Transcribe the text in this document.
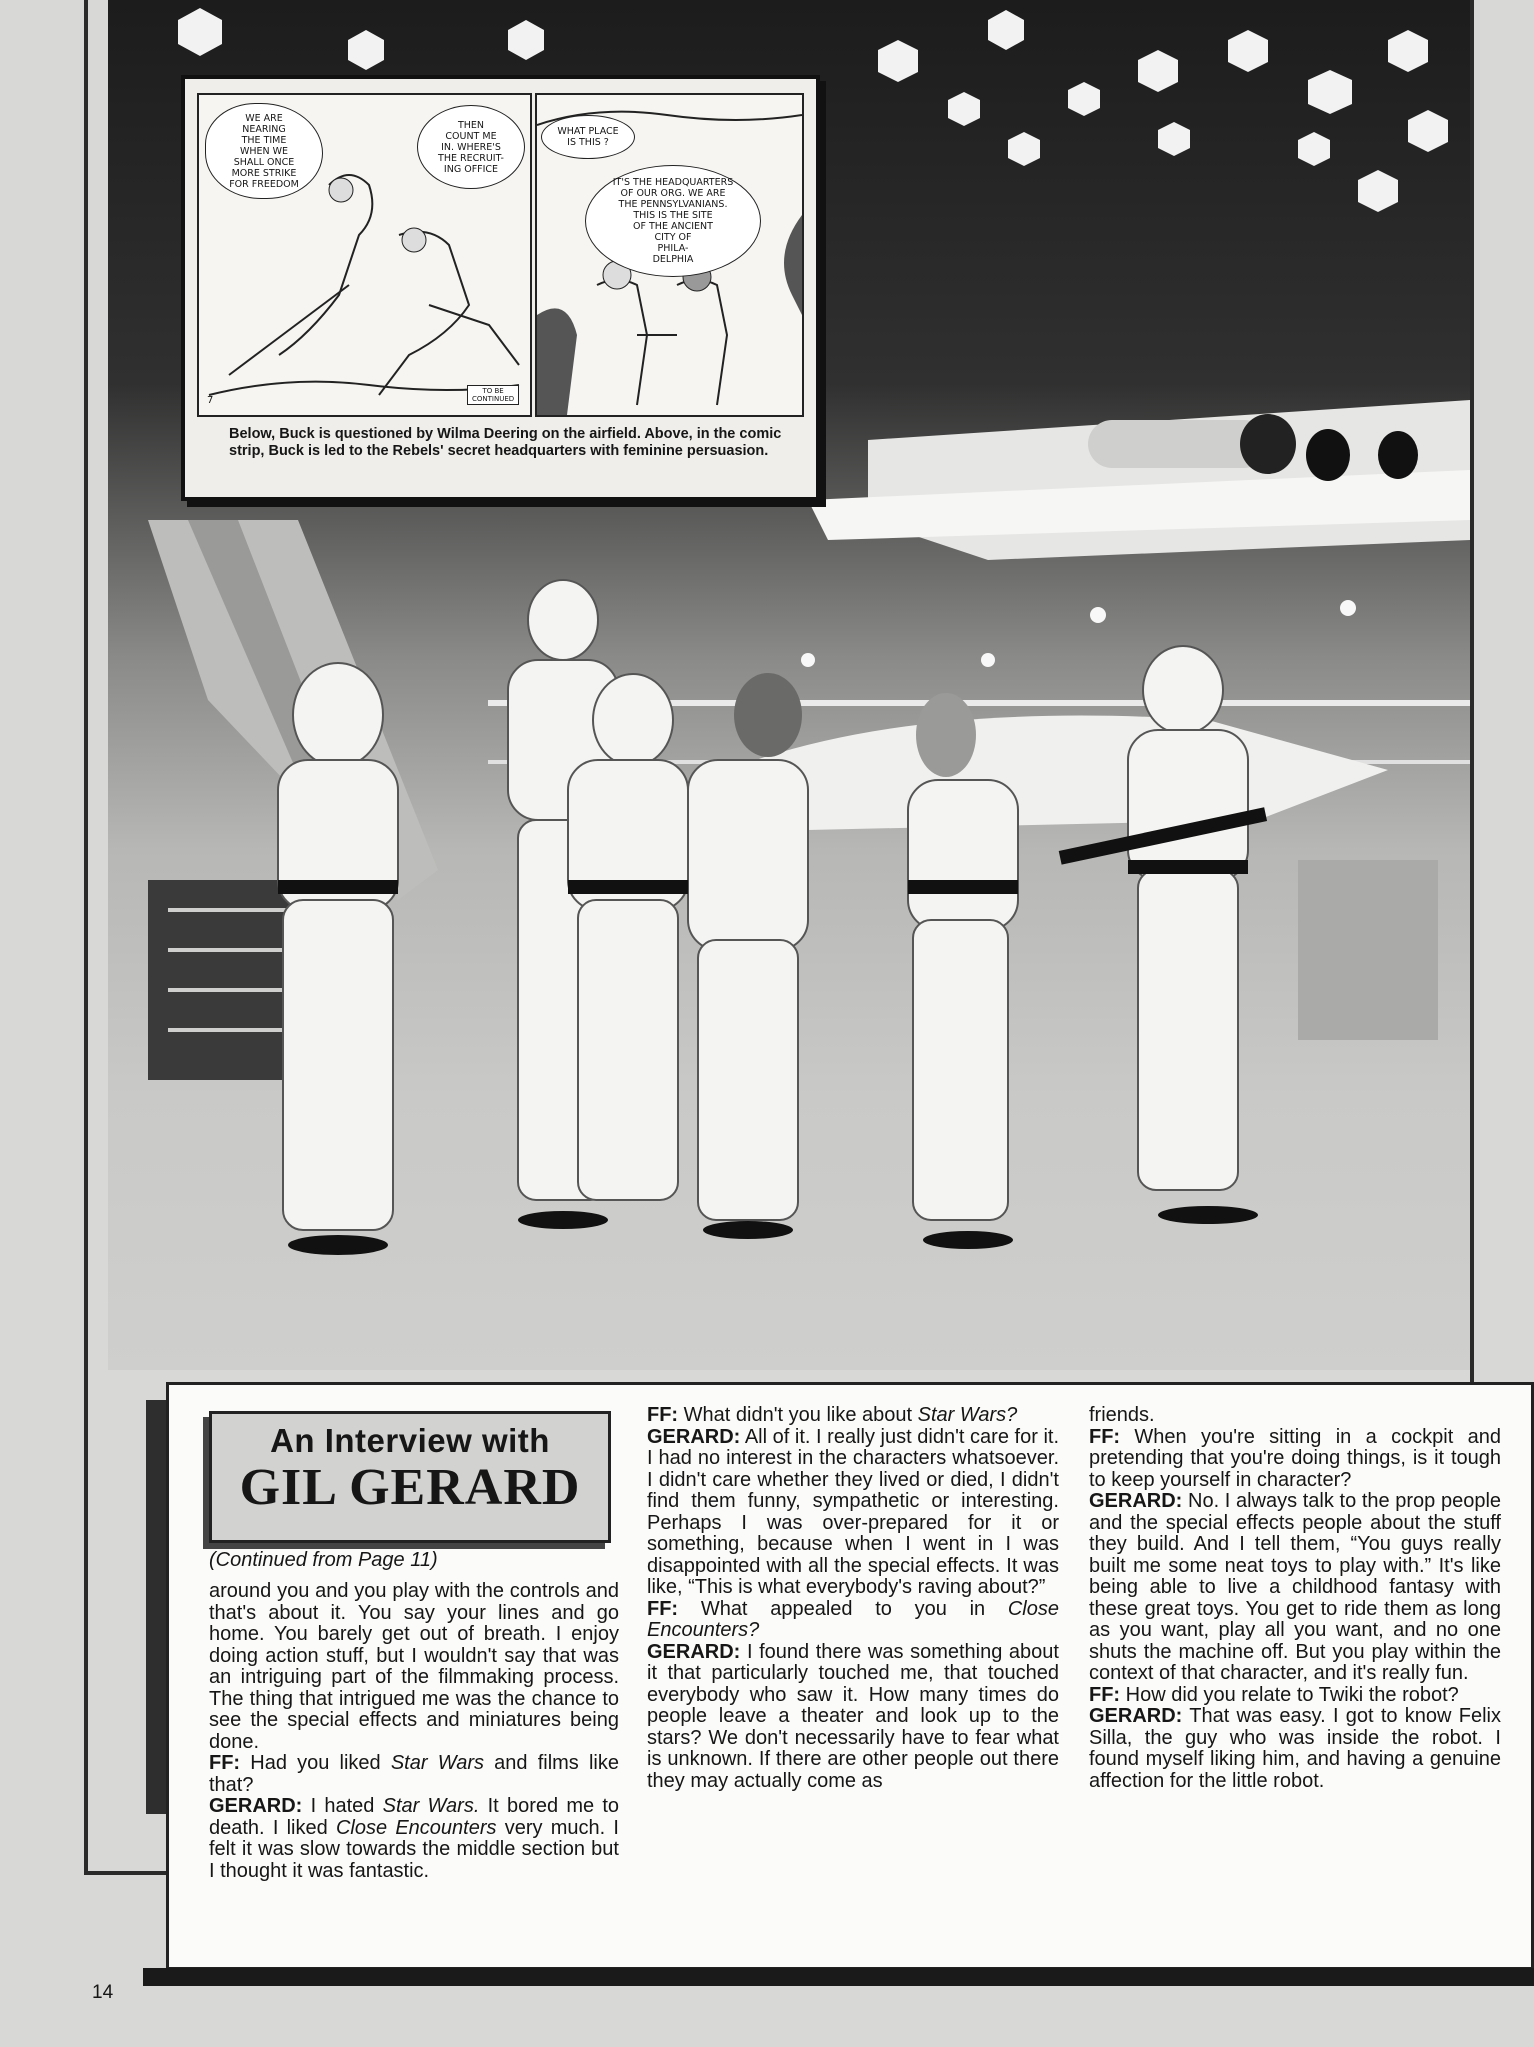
WE ARE
NEARING
THE TIME
WHEN WE
SHALL ONCE
MORE STRIKE
FOR FREEDOM
THEN
COUNT ME
IN. WHERE'S
THE RECRUIT-
ING OFFICE
7
TO BE
CONTINUED
WHAT PLACE
IS THIS ?
IT'S THE HEADQUARTERS
OF OUR ORG. WE ARE
THE PENNSYLVANIANS.
THIS IS THE SITE
OF THE ANCIENT
CITY OF
PHILA-
DELPHIA
Below, Buck is questioned by Wilma Deering on the airfield. Above, in the comic strip, Buck is led to the Rebels' secret headquarters with feminine persuasion.
An Interview with
GIL GERARD
(Continued from Page 11)

around you and you play with the controls and that's about it. You say your lines and go home. You barely get out of breath. I enjoy doing action stuff, but I wouldn't say that was an intriguing part of the filmmaking process. The thing that intrigued me was the chance to see the special effects and miniatures being done.

FF: Had you liked Star Wars and films like that?

GERARD: I hated Star Wars. It bored me to death. I liked Close Encounters very much. I felt it was slow towards the middle section but I thought it was fantastic.

FF: What didn't you like about Star Wars?

GERARD: All of it. I really just didn't care for it. I had no interest in the characters whatsoever. I didn't care whether they lived or died, I didn't find them funny, sympathetic or interesting. Perhaps I was over-prepared for it or something, because when I went in I was disappointed with all the special effects. It was like, “This is what everybody's raving about?”

FF: What appealed to you in Close Encounters?

GERARD: I found there was something about it that particularly touched me, that touched everybody who saw it. How many times do people leave a theater and look up to the stars? We don't necessarily have to fear what is unknown. If there are other people out there they may actually come as

friends.

FF: When you're sitting in a cockpit and pretending that you're doing things, is it tough to keep yourself in character?

GERARD: No. I always talk to the prop people and the special effects people about the stuff they build. And I tell them, “You guys really built me some neat toys to play with.” It's like being able to live a childhood fantasy with these great toys. You get to ride them as long as you want, play all you want, and no one shuts the machine off. But you play within the context of that character, and it's really fun.

FF: How did you relate to Twiki the robot?

GERARD: That was easy. I got to know Felix Silla, the guy who was inside the robot. I found myself liking him, and having a genuine affection for the little robot.

14
